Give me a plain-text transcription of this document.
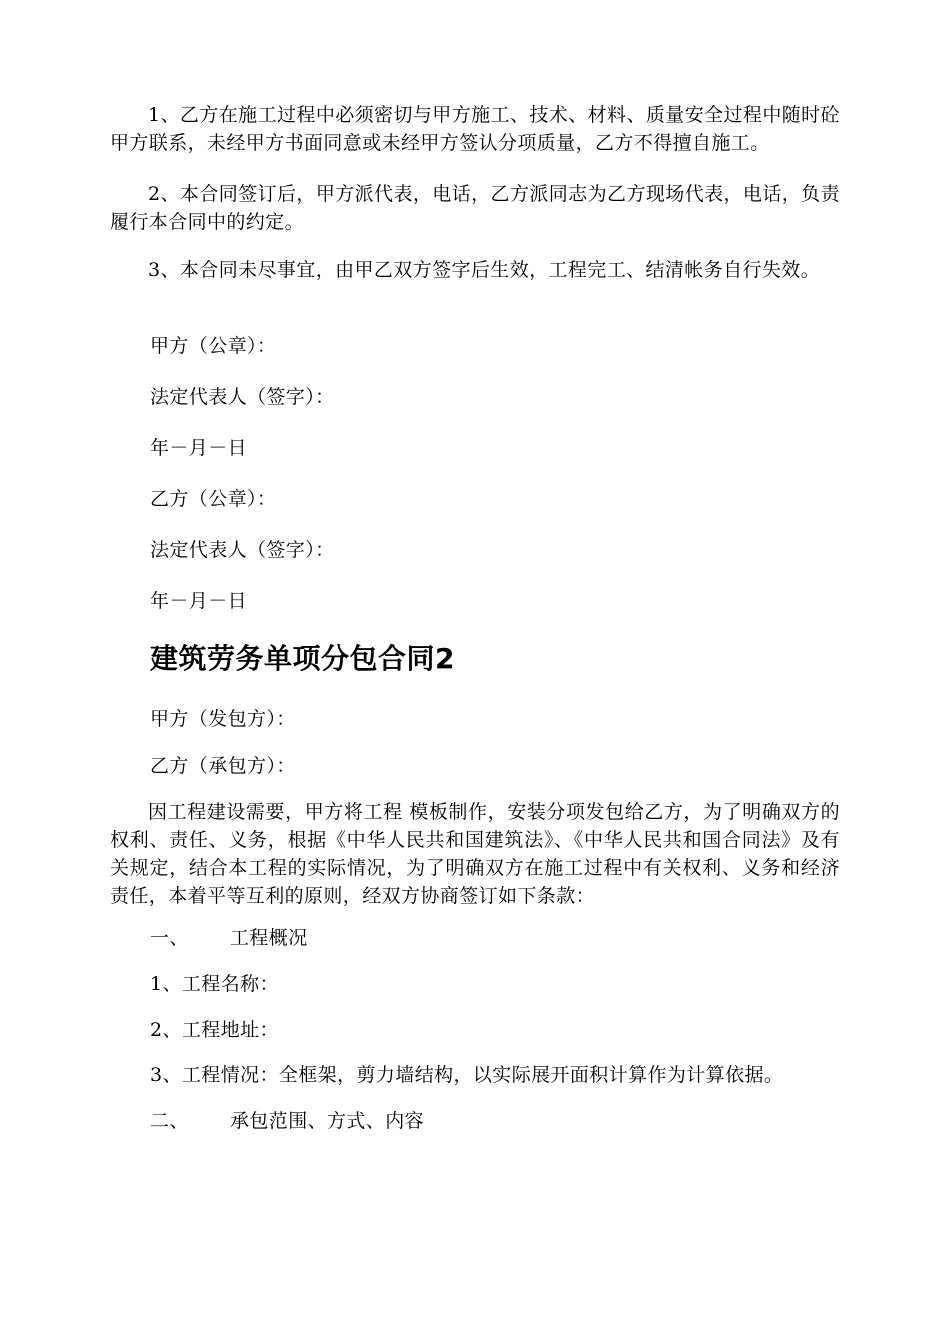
1、乙方在施工过程中必须密切与甲方施工、技术、材料、质量安全过程中随时砼甲方联系，未经甲方书面同意或未经甲方签认分项质量，乙方不得擅自施工。

2、本合同签订后，甲方派代表，电话，乙方派同志为乙方现场代表，电话，负责履行本合同中的约定。

3、本合同未尽事宜，由甲乙双方签字后生效，工程完工、结清帐务自行失效。

甲方（公章）：

法定代表人（签字）：

年－月－日

乙方（公章）：

法定代表人（签字）：

年－月－日

建筑劳务单项分包合同2

甲方（发包方）：

乙方（承包方）：

因工程建设需要，甲方将工程 模板制作，安装分项发包给乙方，为了明确双方的权利、责任、义务，根据《中华人民共和国建筑法》、《中华人民共和国合同法》及有关规定，结合本工程的实际情况，为了明确双方在施工过程中有关权利、义务和经济责任，本着平等互利的原则，经双方协商签订如下条款：

一、 工程概况

1、工程名称：

2、工程地址：

3、工程情况：全框架，剪力墙结构，以实际展开面积计算作为计算依据。

二、 承包范围、方式、内容
